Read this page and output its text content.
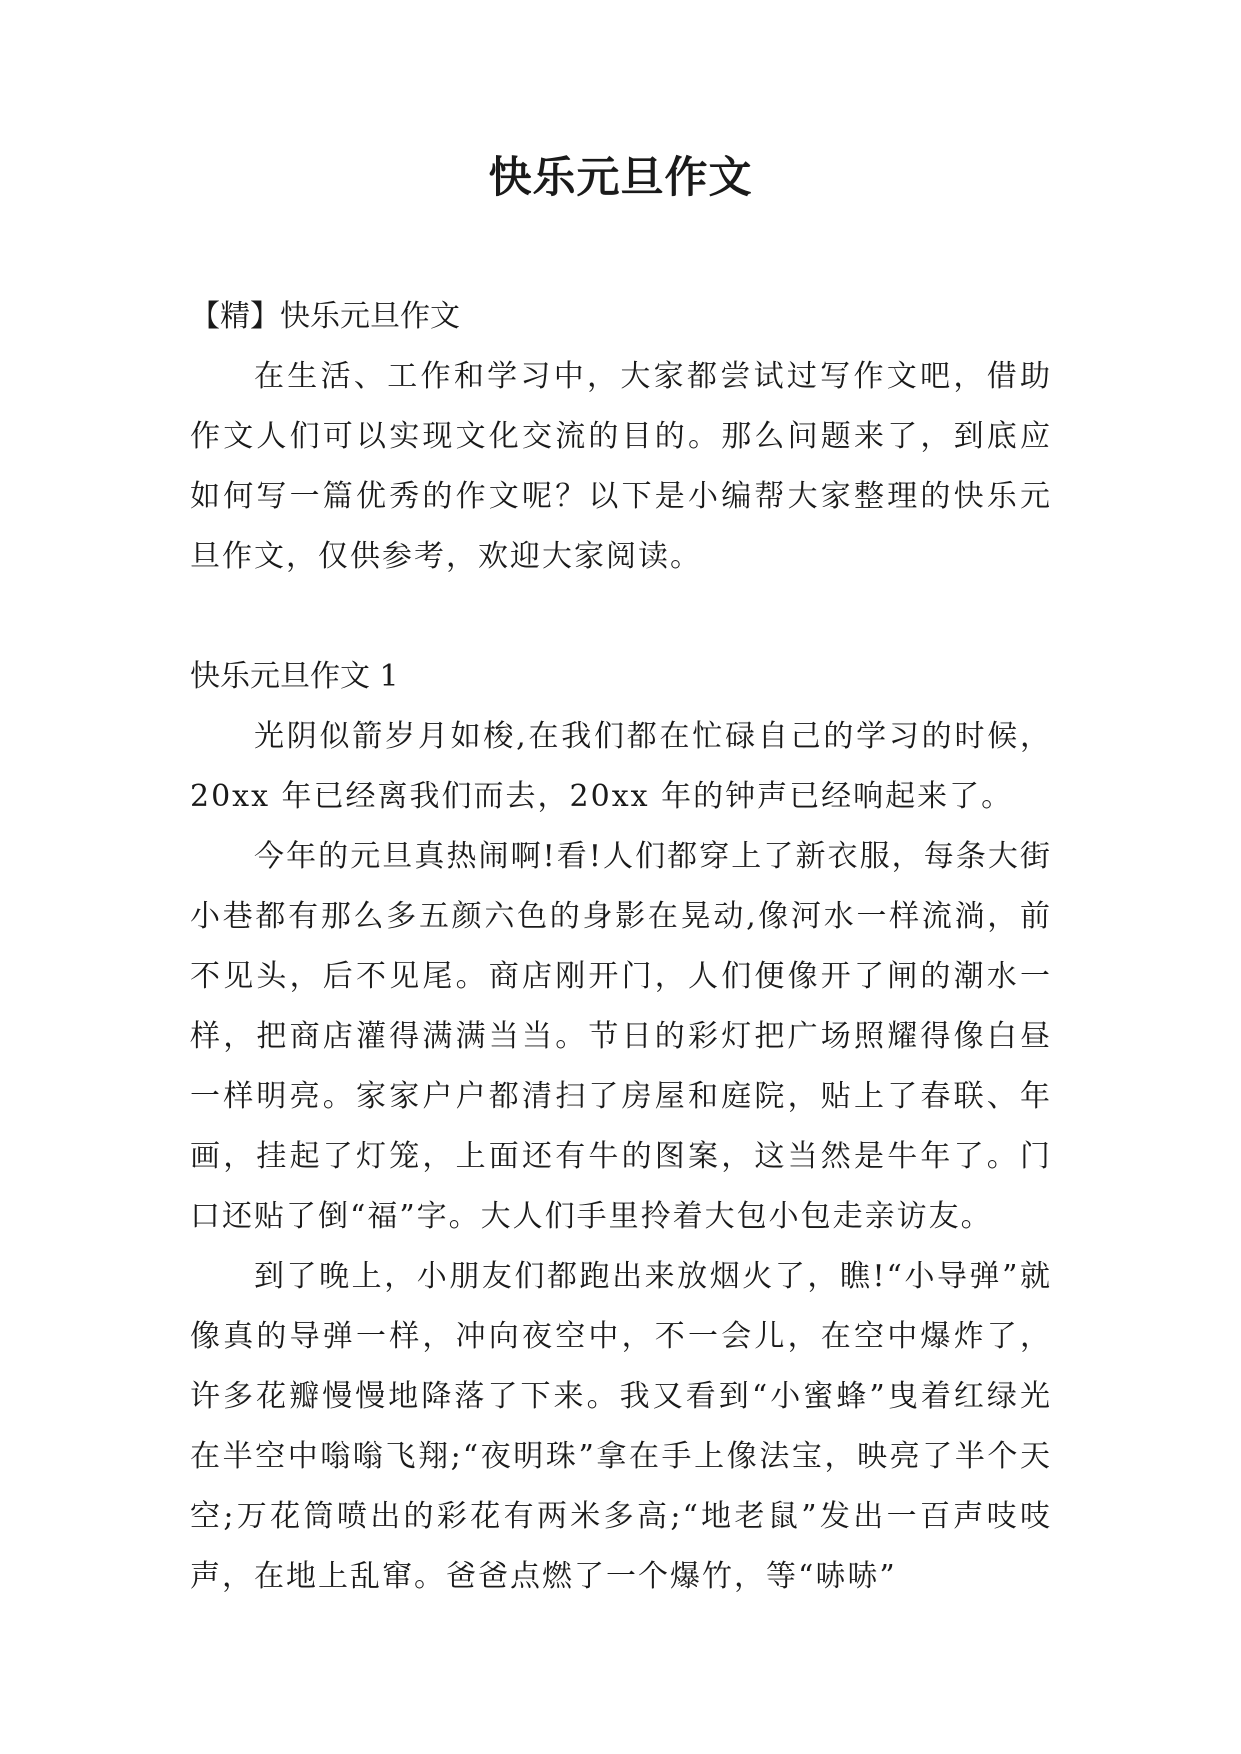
快乐元旦作文

【精】快乐元旦作文

在生活、工作和学习中，大家都尝试过写作文吧，借助作文人们可以实现文化交流的目的。那么问题来了，到底应如何写一篇优秀的作文呢？以下是小编帮大家整理的快乐元旦作文，仅供参考，欢迎大家阅读。

快乐元旦作文 1

光阴似箭岁月如梭,在我们都在忙碌自己的学习的时候，20xx 年已经离我们而去，20xx 年的钟声已经响起来了。

今年的元旦真热闹啊!看!人们都穿上了新衣服，每条大街小巷都有那么多五颜六色的身影在晃动,像河水一样流淌，前不见头，后不见尾。商店刚开门，人们便像开了闸的潮水一样，把商店灌得满满当当。节日的彩灯把广场照耀得像白昼一样明亮。家家户户都清扫了房屋和庭院，贴上了春联、年画，挂起了灯笼，上面还有牛的图案，这当然是牛年了。门口还贴了倒“福”字。大人们手里拎着大包小包走亲访友。

到了晚上，小朋友们都跑出来放烟火了，瞧!“小导弹”就像真的导弹一样，冲向夜空中，不一会儿，在空中爆炸了，许多花瓣慢慢地降落了下来。我又看到“小蜜蜂”曳着红绿光在半空中嗡嗡飞翔;“夜明珠”拿在手上像法宝，映亮了半个天空;万花筒喷出的彩花有两米多高;“地老鼠”发出一百声吱吱声，在地上乱窜。爸爸点燃了一个爆竹，等“哧哧”
